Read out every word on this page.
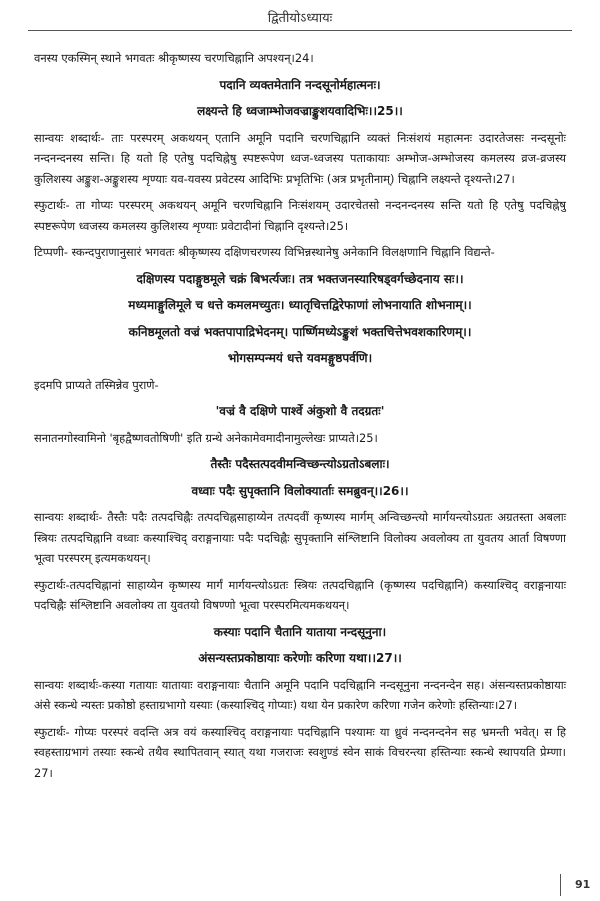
द्वितीयोऽध्यायः

वनस्य एकस्मिन् स्थाने भगवतः श्रीकृष्णस्य चरणचिह्नानि अपश्यन्।24।

पदानि व्यक्तमेतानि नन्दसूनोर्महात्मनः।
लक्ष्यन्ते हि ध्वजाम्भोजवज्राङ्कुशयवादिभिः।।25।।

सान्वयः शब्दार्थः- ताः परस्परम् अकथयन् एतानि अमूनि पदानि चरणचिह्नानि व्यक्तं निःसंशयं महात्मनः उदारतेजसः नन्दसूनोः नन्दनन्दनस्य सन्ति। हि यतो हि एतेषु पदचिह्नेषु स्पष्टरूपेण ध्वज-ध्वजस्य पताकायाः अम्भोज-अम्भोजस्य कमलस्य व्रज-व्रजस्य कुलिशस्य अङ्कुश-अङ्कुशस्य शृण्याः यव-यवस्य प्रवेटस्य आदिभिः प्रभृतिभिः (अत्र प्रभृतीनाम्) चिह्नानि लक्ष्यन्ते दृश्यन्ते।27।

स्फुटार्थः- ता गोप्यः परस्परम् अकथयन् अमूनि चरणचिह्नानि निःसंशयम् उदारचेतसो नन्दनन्दनस्य सन्ति यतो हि एतेषु पदचिह्नेषु स्पष्टरूपेण ध्वजस्य कमलस्य कुलिशस्य शृण्याः प्रवेटादीनां चिह्नानि दृश्यन्ते।25।

टिप्पणी- स्कन्दपुराणानुसारं भगवतः श्रीकृष्णस्य दक्षिणचरणस्य विभिन्नस्थानेषु अनेकानि विलक्षणानि चिह्नानि विद्यन्ते-

दक्षिणस्य पदाङ्गुष्ठमूले चक्रं बिभर्त्यजः। तत्र भक्तजनस्यारिषड्वर्गच्छेदनाय सः।।
मध्यमाङ्गुलिमूले च धत्ते कमलमच्युतः। ध्यातृचित्तद्विरेफाणां लोभनायाति शोभनाम्।।
कनिष्ठमूलतो वज्रं भक्तपापाद्रिभेदनम्। पार्ष्णिमध्येऽङ्कुशं भक्तचित्तेभवशकारिणम्।।
भोगसम्पन्मयं धत्ते यवमङ्गुष्ठपर्वणि।

इदमपि प्राप्यते तस्मिन्नेव पुराणे-

'वज्रं वै दक्षिणे पार्श्वे अंकुशो वै तदग्रतः'

सनातनगोस्वामिनो 'बृहद्वैष्णवतोषिणी' इति ग्रन्थे अनेकामेवमादीनामुल्लेखः प्राप्यते।25।

तैस्तैः पदैस्तत्पदवीमन्विच्छन्त्योऽग्रतोऽबलाः।
वध्वाः पदैः सुपृक्तानि विलोक्यार्ताः समब्रुवन्।।26।।

सान्वयः शब्दार्थः- तैस्तैः पदैः तत्पदचिह्नैः तत्पदचिह्नसाहाय्येन तत्पदवीं कृष्णस्य मार्गम् अन्विच्छन्त्यो मार्गयन्त्योऽग्रतः अग्रतस्ता अबलाः स्त्रियः तत्पदचिह्नानि वध्वाः कस्याश्चिद् वराङ्गनायाः पदैः पदचिह्नैः सुपृक्तानि संश्लिष्टानि विलोक्य अवलोक्य ता युवतय आर्ता विषण्णा भूत्वा परस्परम् इत्यमकथयन्।

स्फुटार्थः-तत्पदचिह्नानां साहाय्येन कृष्णस्य मार्गं मार्गयन्त्योऽग्रतः स्त्रियः तत्पदचिह्नानि (कृष्णस्य पदचिह्नानि) कस्याश्चिद् वराङ्गनायाः पदचिह्नैः संश्लिष्टानि अवलोक्य ता युवतयो विषण्णो भूत्वा परस्परमित्यमकथयन्।

कस्याः पदानि चैतानि याताया नन्दसूनुना।
अंसन्यस्तप्रकोष्ठायाः करेणोः करिणा यथा।।27।।

सान्वयः शब्दार्थः-कस्या गतायाः यातायाः वराङ्गनायाः चैतानि अमूनि पदानि पदचिह्नानि नन्दसूनुना नन्दनन्देन सह। अंसन्यस्तप्रकोष्ठायाः अंसे स्कन्धे न्यस्तः प्रकोष्ठो हस्ताग्रभागो यस्याः (कस्याश्चिद् गोप्याः) यथा येन प्रकारेण करिणा गजेन करेणोः हस्तिन्याः।27।

स्फुटार्थः- गोप्यः परस्परं वदन्ति अत्र वयं कस्याश्चिद् वराङ्गनायाः पदचिह्नानि पश्यामः या ध्रुवं नन्दनन्दनेन सह भ्रमन्ती भवेत्। स हि स्वहस्ताग्रभागं तस्याः स्कन्धे तथैव स्थापितवान् स्यात् यथा गजराजः स्वशुण्डं स्वेन साकं विचरन्त्या हस्तिन्याः स्कन्धे स्थापयति प्रेम्णा।27।

91
